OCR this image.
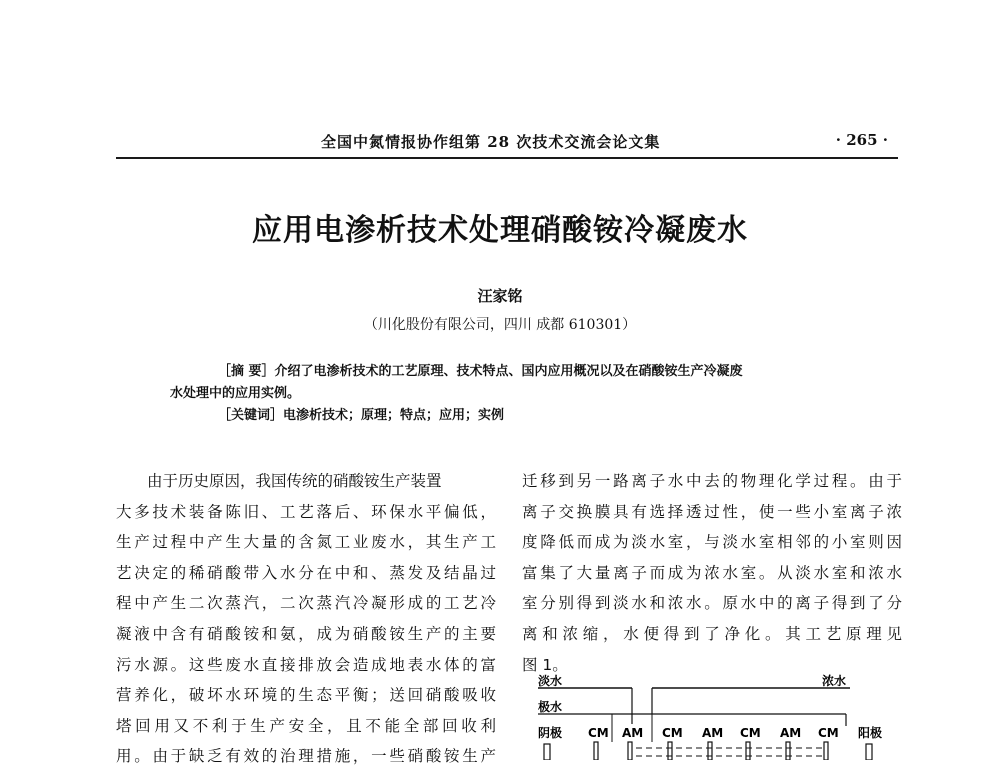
全国中氮情报协作组第 28 次技术交流会论文集	· 265 ·
应用电渗析技术处理硝酸铵冷凝废水
汪家铭
（川化股份有限公司，四川 成都 610301）
［摘 要］介绍了电渗析技术的工艺原理、技术特点、国内应用概况以及在硝酸铵生产冷凝废
水处理中的应用实例。
［关键词］电渗析技术；原理；特点；应用；实例
由于历史原因，我国传统的硝酸铵生产装置
大多技术装备陈旧、工艺落后、环保水平偏低，
生产过程中产生大量的含氮工业废水，其生产工
艺决定的稀硝酸带入水分在中和、蒸发及结晶过
程中产生二次蒸汽，二次蒸汽冷凝形成的工艺冷
凝液中含有硝酸铵和氨，成为硝酸铵生产的主要
污水源。这些废水直接排放会造成地表水体的富
营养化，破坏水环境的生态平衡；送回硝酸吸收
塔回用又不利于生产安全，且不能全部回收利
用。由于缺乏有效的治理措施，一些硝酸铵生产
迁移到另一路离子水中去的物理化学过程。由于
离子交换膜具有选择透过性，使一些小室离子浓
度降低而成为淡水室，与淡水室相邻的小室则因
富集了大量离子而成为浓水室。从淡水室和浓水
室分别得到淡水和浓水。原水中的离子得到了分
离和浓缩，水便得到了净化。其工艺原理见
图 1。
淡水	浓水
极水
阴极	阳极
CM AM CM AM CM AM CM
